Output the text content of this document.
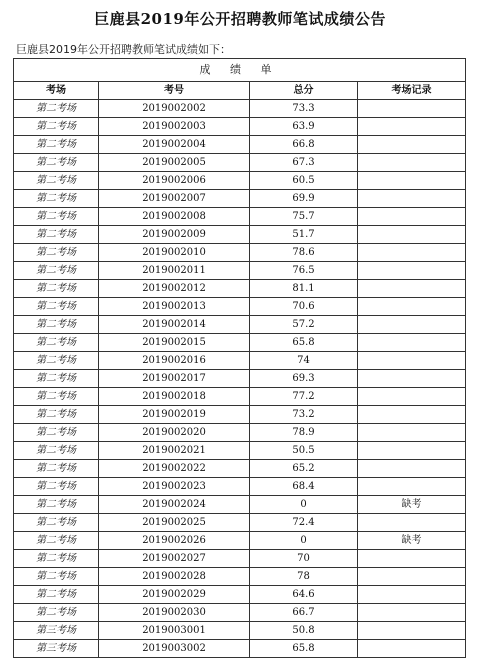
巨鹿县2019年公开招聘教师笔试成绩公告
巨鹿县2019年公开招聘教师笔试成绩如下：
成 绩 单			
考场	考号	总分	考场记录
第二考场	2019002002	73.3	
第二考场	2019002003	63.9	
第二考场	2019002004	66.8	
第二考场	2019002005	67.3	
第二考场	2019002006	60.5	
第二考场	2019002007	69.9	
第二考场	2019002008	75.7	
第二考场	2019002009	51.7	
第二考场	2019002010	78.6	
第二考场	2019002011	76.5	
第二考场	2019002012	81.1	
第二考场	2019002013	70.6	
第二考场	2019002014	57.2	
第二考场	2019002015	65.8	
第二考场	2019002016	74	
第二考场	2019002017	69.3	
第二考场	2019002018	77.2	
第二考场	2019002019	73.2	
第二考场	2019002020	78.9	
第二考场	2019002021	50.5	
第二考场	2019002022	65.2	
第二考场	2019002023	68.4	
第二考场	2019002024	0	缺考
第二考场	2019002025	72.4	
第二考场	2019002026	0	缺考
第二考场	2019002027	70	
第二考场	2019002028	78	
第二考场	2019002029	64.6	
第二考场	2019002030	66.7	
第三考场	2019003001	50.8	
第三考场	2019003002	65.8	
